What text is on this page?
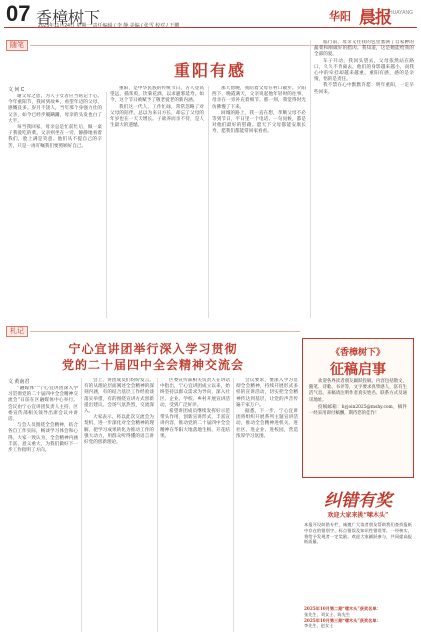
07 香樟树下
2025年11月24日 星期一 责任编辑 / 李 静 美编 / 张雪 校对 / 王鹏
华阳 晨报
HUAYANG
随笔
重阳有感
文 何 C

谢父母之恩，为人子女者应当铭记于心。今年重阳节，我回到故乡，看望年迈的父母，感慨良多。岁月不饶人，当年那个身强力壮的父亲，如今已经步履蹒跚，母亲的头发也白了大半。

每当我回家，母亲总是忙前忙后，做一桌子我爱吃的菜。父亲则坐在一旁，静静地看着我们，脸上满是笑意。他们从不提自己的辛苦，只是一再叮嘱我们要照顾好自己。

重阳，是中华民族的传统节日。古人登高望远，插茱萸，饮菊花酒，以求避邪延寿。如今，这个节日被赋予了敬老爱老的新内涵。

我们这一代人，工作忙碌，常常忽略了对父母的陪伴。总以为来日方长，却忘了父母的年岁也在一天天增长。子欲养而亲不待，是人生最大的遗憾。

那天傍晚，我陪着父母在村口散步。夕阳西下，晚霞满天，父亲说起他年轻时的往事，母亲在一旁补充着细节。那一刻，我觉得时光仿佛慢了下来。

回城的路上，我一直在想，孝顺父母不必等到节日，平日里一个电话、一句问候，都是对他们最好的慰藉。愿天下父母都能安康长寿，愿我们都能常回家看看。

临行前，母亲又往我的包里塞满了自家种的蔬菜和刚做好的腊肉。我知道，这是她能给我的全部的爱。

车子开动，我回头望去，父母依然站在路口，久久不肯离去。他们的身影越来越小，而我心中的牵挂却越来越重。重阳有感，感的是亲情，悟的是责任。

我不禁在心中默默许愿：明年重阳，一定早些回来。

札记
宁心宜讲团举行深入学习贯彻
党的二十届四中全会精神交流会
文 黄南君

“融媒体”“宁心宜讲团深入学习贯彻党的二十届四中全会精神交流会”日前在区融媒体中心举行。会议由宁心宜讲团负责人主持，区委宣传部相关领导出席会议并讲话。

与会人员围绕全会精神，结合各自工作实际，畅谈学习体会和心得。大家一致认为，全会精神内涵丰富、意义重大，为我们做好下一步工作指明了方向。

会上，讲团成员们纷纷发言。有的从理论层面阐述全会精神的深刻内涵，有的结合基层工作经验谈落实举措，有的围绕宣讲方式创新提出建议。会场气氛热烈，交流深入。

大家表示，将以此次交流会为契机，进一步深化对全会精神的理解，把学习成果转化为推动工作的强大动力，用群众听得懂的语言讲好党的创新理论。

区委宣传部相关负责人在讲话中指出，宁心宜讲团成立以来，始终坚持以群众需求为导向，深入社区、企业、学校、乡村开展宣讲活动，受到广泛好评。

希望讲团成员继续发挥好示范带头作用，创新宣讲形式，丰富宣讲内容，推动党的二十届四中全会精神在华阳大地落地生根、开花结果。

会议要求，要深入学习贯彻全会精神，持续开展形式多样的宣讲活动，切实把全会精神传达到基层，让党的声音传遍千家万户。

据悉，下一步，宁心宜讲团将组织开展系列主题宣讲活动，推动全会精神进机关、进社区、进企业、进校园，营造浓厚学习氛围。

《香樟树下》
征稿启事

欢迎各界读者朋友踊跃投稿，内容包括散文、随笔、诗歌、书评等，文字要求真挚感人，富有生活气息。来稿请注明作者真实姓名、联系方式及通讯地址。

投稿邮箱：hyjoin2025@mshy.com，稿件一经采用即付稿酬，期待您的佳作！

纠错有奖
欢迎大家来挑“嗦木头”
本报开设纠错专栏，诚邀广大读者朋友帮助我们查找报纸中存在的错别字、标点错误及知识性错误等。一经核实，将给予发现者一定奖励。欢迎大家踊跃参与，共同提高报纸质量。
2025年10月第二期“嗦木头”获奖名单：
张先生、刘女士、陈先生
2025年10月第三期“嗦木头”获奖名单：
李先生、赵女士
